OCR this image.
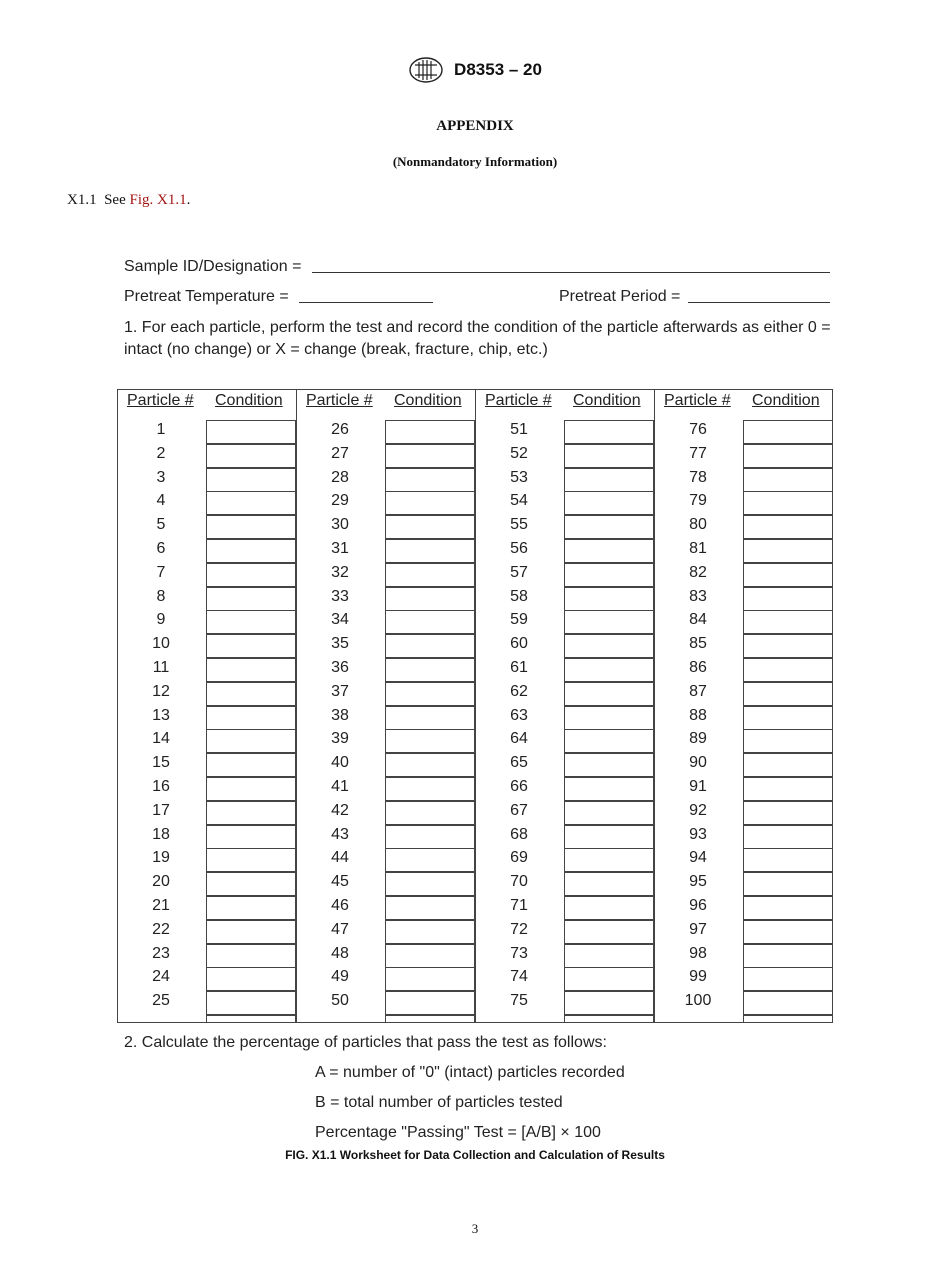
D8353 – 20
APPENDIX
(Nonmandatory Information)
X1.1 See Fig. X1.1.
Sample ID/Designation =
Pretreat Temperature =	Pretreat Period =
1. For each particle, perform the test and record the condition of the particle afterwards as either 0 = intact (no change) or X = change (break, fracture, chip, etc.)
Particle # Condition
1
2
3
4
5
6
7
8
9
10
11
12
13
14
15
16
17
18
19
20
21
22
23
24
25
Particle # Condition
26
27
28
29
30
31
32
33
34
35
36
37
38
39
40
41
42
43
44
45
46
47
48
49
50
Particle # Condition
51
52
53
54
55
56
57
58
59
60
61
62
63
64
65
66
67
68
69
70
71
72
73
74
75
Particle # Condition
76
77
78
79
80
81
82
83
84
85
86
87
88
89
90
91
92
93
94
95
96
97
98
99
100
2. Calculate the percentage of particles that pass the test as follows:
A = number of "0" (intact) particles recorded
B = total number of particles tested
Percentage "Passing" Test = [A/B] × 100
FIG. X1.1 Worksheet for Data Collection and Calculation of Results
3
